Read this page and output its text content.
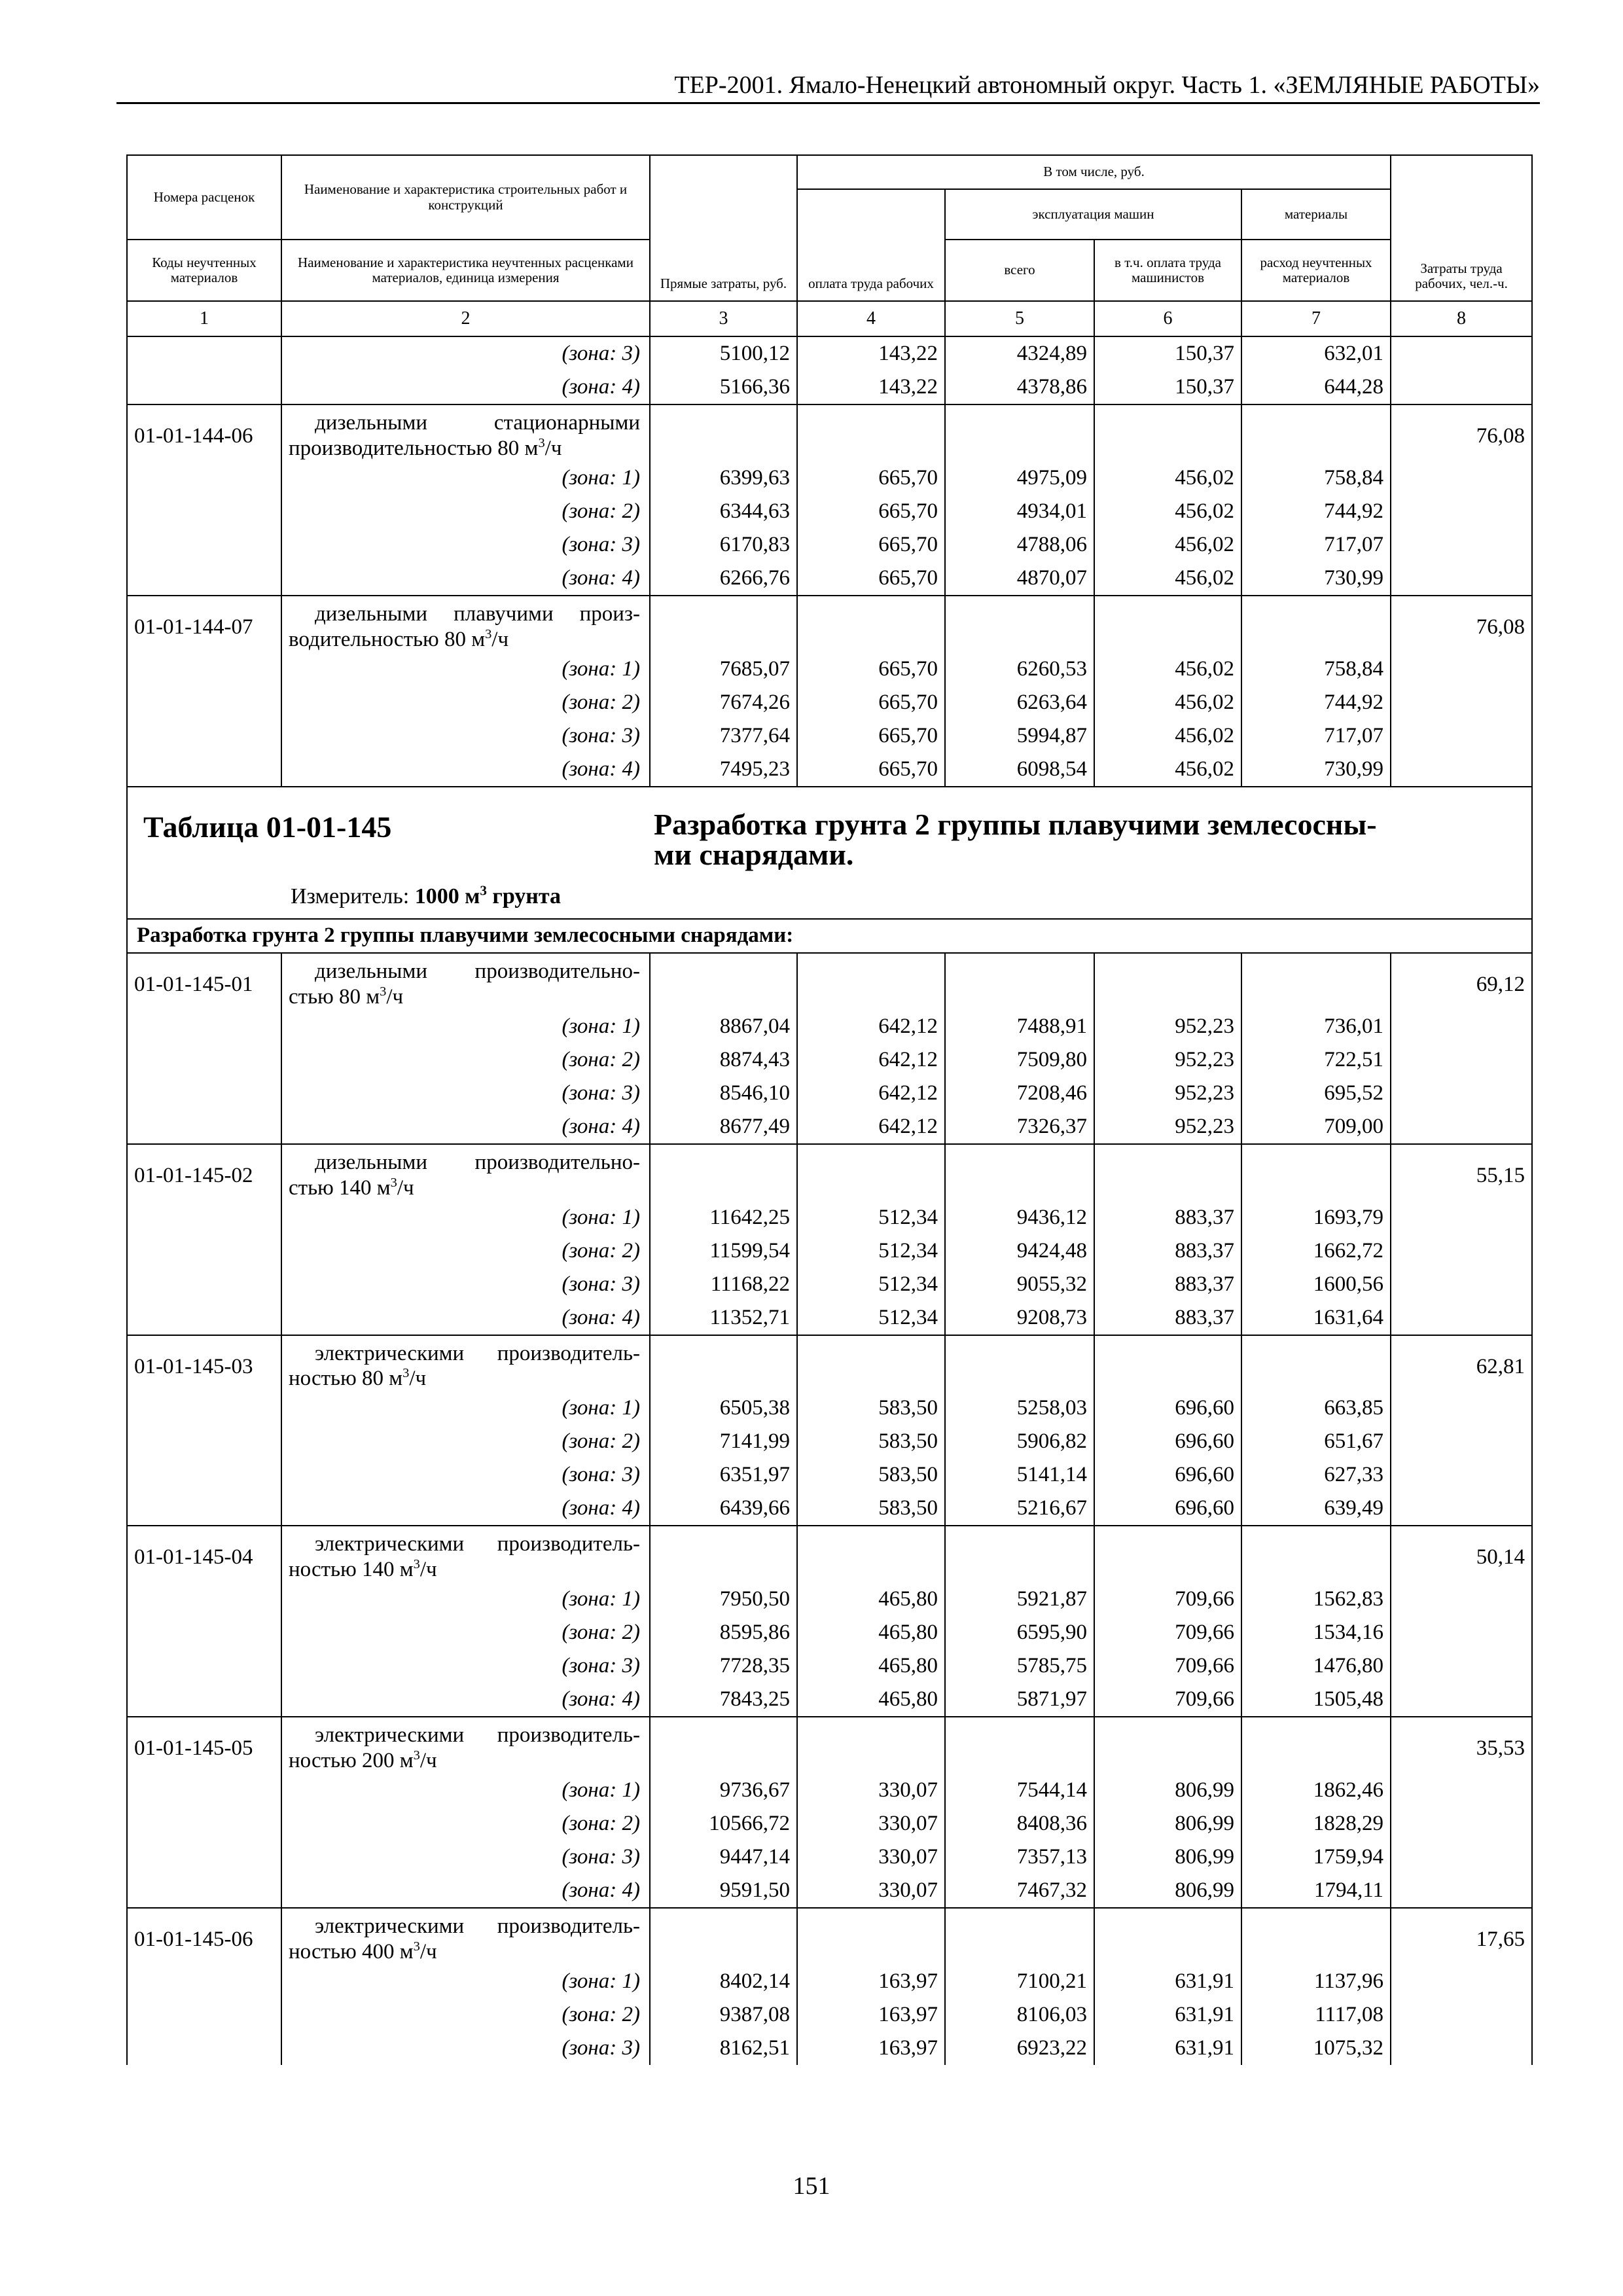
ТЕР-2001. Ямало-Ненецкий автономный округ. Часть 1. «ЗЕМЛЯНЫЕ РАБОТЫ»
Номера расценок	Наименование и характеристика строительных работ и конструкций	Прямые затраты, руб.	В том числе, руб.				Затраты труда рабочих, чел.-ч.
			оплата труда рабочих	эксплуатация машин		материалы	
Коды неучтенных материалов	Наименование и характеристика неучтенных расценками материалов, единица измерения			всего	в т.ч. оплата труда машинистов	расход неучтенных материалов	
1	2	3	4	5	6	7	8
	(зона: 3)	5100,12	143,22	4324,89	150,37	632,01	
	(зона: 4)	5166,36	143,22	4378,86	150,37	644,28	
01-01-144-06	дизельными стационарными производительностью 80 $м^3/ч$						76,08
	(зона: 1)	6399,63	665,70	4975,09	456,02	758,84	
	(зона: 2)	6344,63	665,70	4934,01	456,02	744,92	
	(зона: 3)	6170,83	665,70	4788,06	456,02	717,07	
	(зона: 4)	6266,76	665,70	4870,07	456,02	730,99	
01-01-144-07	дизельными плавучими произ- водительностью 80 $м^3/ч$						76,08
	(зона: 1)	7685,07	665,70	6260,53	456,02	758,84	
	(зона: 2)	7674,26	665,70	6263,64	456,02	744,92	
	(зона: 3)	7377,64	665,70	5994,87	456,02	717,07	
	(зона: 4)	7495,23	665,70	6098,54	456,02	730,99	

Таблица 01-01-145 Разработка грунта 2 группы плавучими землесосны-
ми снарядами.
Измеритель: 1000 $м^3$ грунта							

Разработка грунта 2 группы плавучими землесосными снарядами:							
01-01-145-01	дизельными производительно- стью 80 $м^3/ч$						69,12
	(зона: 1)	8867,04	642,12	7488,91	952,23	736,01	
	(зона: 2)	8874,43	642,12	7509,80	952,23	722,51	
	(зона: 3)	8546,10	642,12	7208,46	952,23	695,52	
	(зона: 4)	8677,49	642,12	7326,37	952,23	709,00	
01-01-145-02	дизельными производительно- стью 140 $м^3/ч$						55,15
	(зона: 1)	11642,25	512,34	9436,12	883,37	1693,79	
	(зона: 2)	11599,54	512,34	9424,48	883,37	1662,72	
	(зона: 3)	11168,22	512,34	9055,32	883,37	1600,56	
	(зона: 4)	11352,71	512,34	9208,73	883,37	1631,64	
01-01-145-03	электрическими производитель- ностью 80 $м^3/ч$						62,81
	(зона: 1)	6505,38	583,50	5258,03	696,60	663,85	
	(зона: 2)	7141,99	583,50	5906,82	696,60	651,67	
	(зона: 3)	6351,97	583,50	5141,14	696,60	627,33	
	(зона: 4)	6439,66	583,50	5216,67	696,60	639,49	
01-01-145-04	электрическими производитель- ностью 140 $м^3/ч$						50,14
	(зона: 1)	7950,50	465,80	5921,87	709,66	1562,83	
	(зона: 2)	8595,86	465,80	6595,90	709,66	1534,16	
	(зона: 3)	7728,35	465,80	5785,75	709,66	1476,80	
	(зона: 4)	7843,25	465,80	5871,97	709,66	1505,48	
01-01-145-05	электрическими производитель- ностью 200 $м^3/ч$						35,53
	(зона: 1)	9736,67	330,07	7544,14	806,99	1862,46	
	(зона: 2)	10566,72	330,07	8408,36	806,99	1828,29	
	(зона: 3)	9447,14	330,07	7357,13	806,99	1759,94	
	(зона: 4)	9591,50	330,07	7467,32	806,99	1794,11	
01-01-145-06	электрическими производитель- ностью 400 $м^3/ч$						17,65
	(зона: 1)	8402,14	163,97	7100,21	631,91	1137,96	
	(зона: 2)	9387,08	163,97	8106,03	631,91	1117,08	
	(зона: 3)	8162,51	163,97	6923,22	631,91	1075,32	
151
